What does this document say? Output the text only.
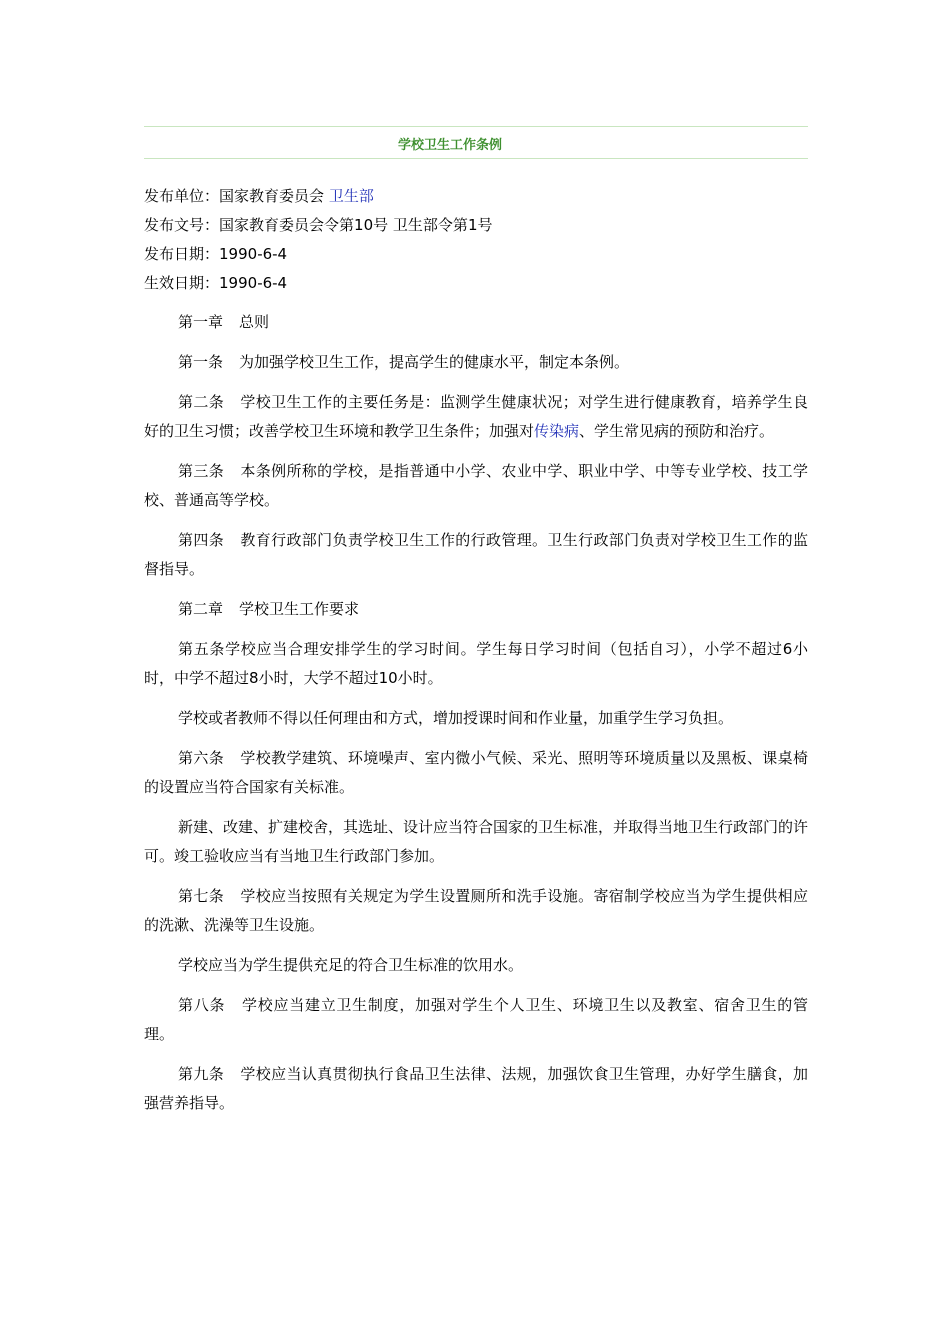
学校卫生工作条例
发布单位：国家教育委员会 卫生部
发布文号：国家教育委员会令第10号 卫生部令第1号
发布日期：1990-6-4
生效日期：1990-6-4

第一章 总则

第一条 为加强学校卫生工作，提高学生的健康水平，制定本条例。

第二条 学校卫生工作的主要任务是：监测学生健康状况；对学生进行健康教育，培养学生良好的卫生习惯；改善学校卫生环境和教学卫生条件；加强对传染病、学生常见病的预防和治疗。

第三条 本条例所称的学校，是指普通中小学、农业中学、职业中学、中等专业学校、技工学校、普通高等学校。

第四条 教育行政部门负责学校卫生工作的行政管理。卫生行政部门负责对学校卫生工作的监督指导。

第二章 学校卫生工作要求

第五条学校应当合理安排学生的学习时间。学生每日学习时间（包括自习），小学不超过6小时，中学不超过8小时，大学不超过10小时。

学校或者教师不得以任何理由和方式，增加授课时间和作业量，加重学生学习负担。

第六条 学校教学建筑、环境噪声、室内微小气候、采光、照明等环境质量以及黑板、课桌椅的设置应当符合国家有关标准。

新建、改建、扩建校舍，其选址、设计应当符合国家的卫生标准，并取得当地卫生行政部门的许可。竣工验收应当有当地卫生行政部门参加。

第七条 学校应当按照有关规定为学生设置厕所和洗手设施。寄宿制学校应当为学生提供相应的洗漱、洗澡等卫生设施。

学校应当为学生提供充足的符合卫生标准的饮用水。

第八条 学校应当建立卫生制度，加强对学生个人卫生、环境卫生以及教室、宿舍卫生的管理。

第九条 学校应当认真贯彻执行食品卫生法律、法规，加强饮食卫生管理，办好学生膳食，加强营养指导。
